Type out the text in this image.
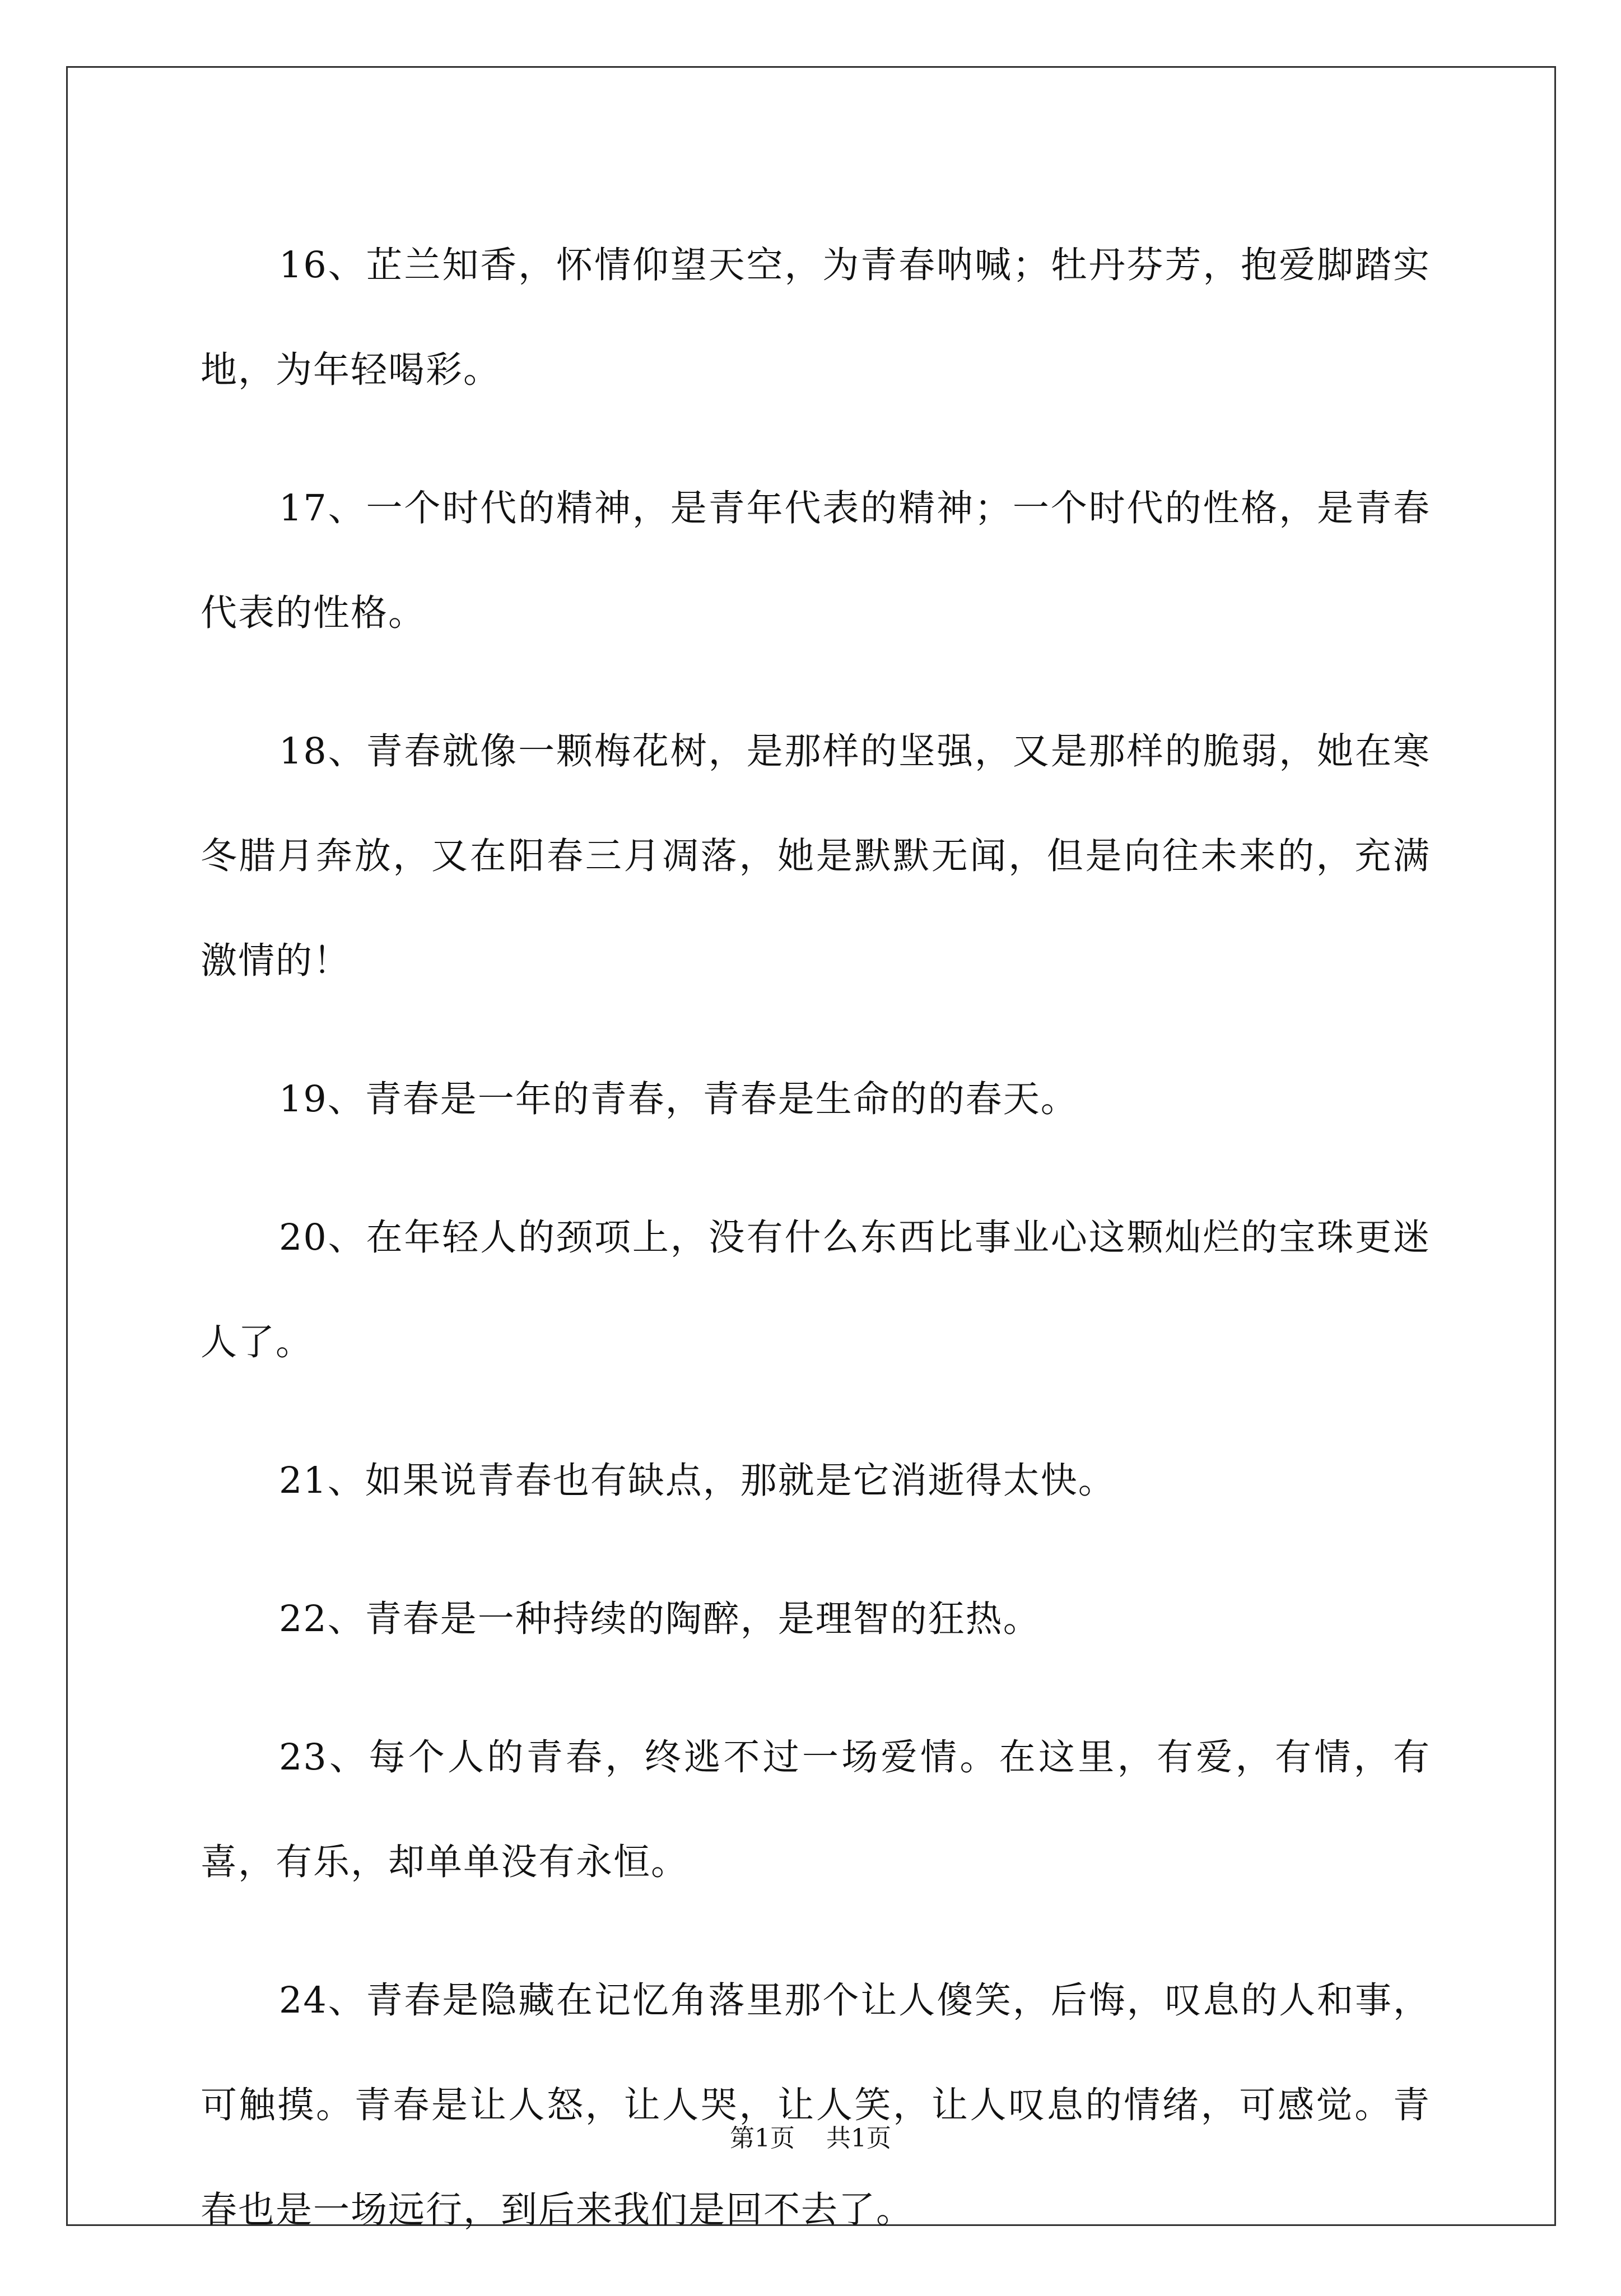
16、芷兰知香，怀情仰望天空，为青春呐喊；牡丹芬芳，抱爱脚踏实地，为年轻喝彩。

17、一个时代的精神，是青年代表的精神；一个时代的性格，是青春代表的性格。

18、青春就像一颗梅花树，是那样的坚强，又是那样的脆弱，她在寒冬腊月奔放，又在阳春三月凋落，她是默默无闻，但是向往未来的，充满激情的！

19、青春是一年的青春，青春是生命的的春天。

20、在年轻人的颈项上，没有什么东西比事业心这颗灿烂的宝珠更迷人了。

21、如果说青春也有缺点，那就是它消逝得太快。

22、青春是一种持续的陶醉，是理智的狂热。

23、每个人的青春，终逃不过一场爱情。在这里，有爱，有情，有喜，有乐，却单单没有永恒。

24、青春是隐藏在记忆角落里那个让人傻笑，后悔，叹息的人和事，可触摸。青春是让人怒，让人哭，让人笑，让人叹息的情绪，可感觉。青春也是一场远行，到后来我们是回不去了。

第1页 共1页
